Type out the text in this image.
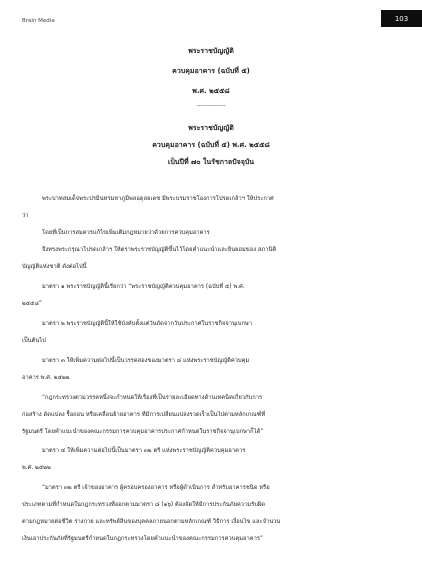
Brain Media	103
พระราชบัญญัติ
ควบคุมอาคาร (ฉบับที่ ๕)
พ.ศ. ๒๕๕๘
----------------
พระราชบัญญัติ
ควบคุมอาคาร (ฉบับที่ ๕) พ.ศ. ๒๕๕๘
เป็นปีที่ ๗๐ ในรัชกาลปัจจุบัน
พระบาทสมเด็จพระปรมินทรมหาภูมิพลอดุลยเดช มีพระบรมราชโองการโปรดเกล้าฯ ให้ประกาศ
ว่า
โดยที่เป็นการสมควรแก้ไขเพิ่มเติมกฎหมายว่าด้วยการควบคุมอาคาร
จึงทรงพระกรุณาโปรดเกล้าฯ ให้ตราพระราชบัญญัติขึ้นไว้โดยคำแนะนำและยินยอมของ สภานิติ
บัญญัติแห่งชาติ ดังต่อไปนี้
มาตรา ๑ พระราชบัญญัตินี้เรียกว่า “พระราชบัญญัติควบคุมอาคาร (ฉบับที่ ๕) พ.ศ.
๒๕๕๘”
มาตรา ๒ พระราชบัญญัตินี้ให้ใช้บังคับตั้งแต่วันถัดจากวันประกาศในราชกิจจานุเบกษา
เป็นต้นไป
มาตรา ๓ ให้เพิ่มความต่อไปนี้เป็นวรรคสองของมาตรา ๘ แห่งพระราชบัญญัติควบคุม
อาคาร พ.ศ. ๒๕๒๒
“กฎกระทรวงตามวรรคหนึ่งจะกำหนดให้เรื่องที่เป็นรายละเอียดทางด้านเทคนิคเกี่ยวกับการ
ก่อสร้าง ดัดแปลง รื้อถอน หรือเคลื่อนย้ายอาคาร ที่มีการเปลี่ยนแปลงรวดเร็วเป็นไปตามหลักเกณฑ์ที่
รัฐมนตรี โดยคำแนะนำของคณะกรรมการควบคุมอาคารประกาศกำหนดในราชกิจจานุเบกษาก็ได้”
มาตรา ๔ ให้เพิ่มความต่อไปนี้เป็นมาตรา ๓๒ ตรี แห่งพระราชบัญญัติควบคุมอาคาร
พ.ศ. ๒๕๒๒
“มาตรา ๓๒ ตรี เจ้าของอาคาร ผู้ครอบครองอาคาร หรือผู้ดำเนินการ สำหรับอาคารชนิด หรือ
ประเภทตามที่กำหนดในกฎกระทรวงที่ออกตามมาตรา ๘ (๑๖) ต้องจัดให้มีการประกันภัยความรับผิด
ตามกฎหมายต่อชีวิต ร่างกาย และทรัพย์สินของบุคคลภายนอกตามหลักเกณฑ์ วิธีการ เงื่อนไข และจำนวน
เงินเอาประกันภัยที่รัฐมนตรีกำหนดในกฎกระทรวงโดยคำแนะนำของคณะกรรมการควบคุมอาคาร”
